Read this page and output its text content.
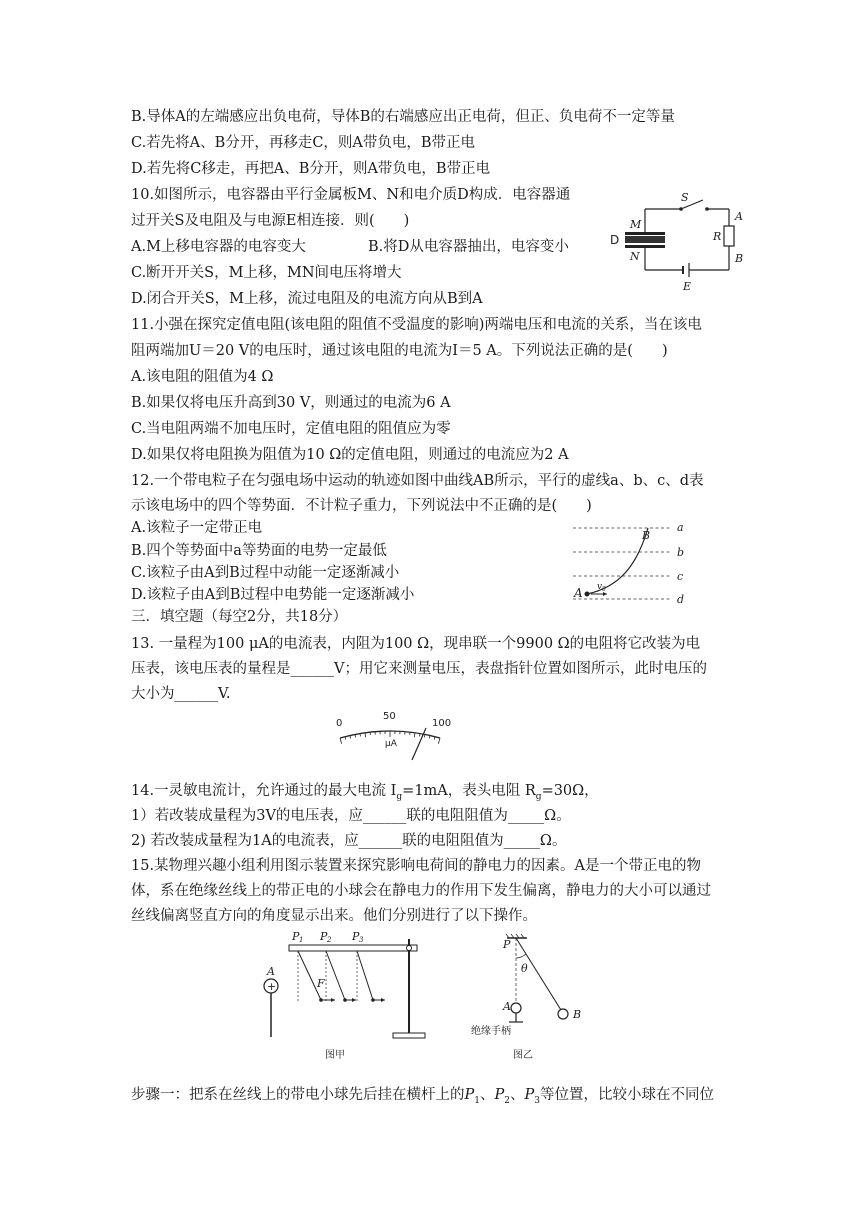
B.导体A的左端感应出负电荷，导体B的右端感应出正电荷，但正、负电荷不一定等量
C.若先将A、B分开，再移走C，则A带负电，B带正电
D.若先将C移走，再把A、B分开，则A带负电，B带正电
10.如图所示，电容器由平行金属板M、N和电介质D构成．电容器通
过开关S及电阻及与电源E相连接．则(　　)
A.M上移电容器的电容变大	B.将D从电容器抽出，电容变小
C.断开开关S，M上移，MN间电压将增大
D.闭合开关S，M上移，流过电阻及的电流方向从B到A
11.小强在探究定值电阻(该电阻的阻值不受温度的影响)两端电压和电流的关系，当在该电
阻两端加U＝20 V的电压时，通过该电阻的电流为I＝5 A。下列说法正确的是(　　)
A.该电阻的阻值为4 Ω
B.如果仅将电压升高到30 V，则通过的电流为6 A
C.当电阻两端不加电压时，定值电阻的阻值应为零
D.如果仅将电阻换为阻值为10 Ω的定值电阻，则通过的电流应为2 A
12.一个带电粒子在匀强电场中运动的轨迹如图中曲线AB所示，平行的虚线a、b、c、d表
示该电场中的四个等势面．不计粒子重力，下列说法中不正确的是(　　)
A.该粒子一定带正电
B.四个等势面中a等势面的电势一定最低
C.该粒子由A到B过程中动能一定逐渐减小
D.该粒子由A到B过程中电势能一定逐渐减小
三．填空题（每空2分，共18分）
13. 一量程为100 μA的电流表，内阻为100 Ω，现串联一个9900 Ω的电阻将它改装为电
压表，该电压表的量程是______V；用它来测量电压，表盘指针位置如图所示，此时电压的
大小为______V.
14.一灵敏电流计，允许通过的最大电流 $I_g=1mA$，表头电阻 $R_g=30\Omega$，
1）若改装成量程为3V的电压表，应______联的电阻阻值为_____Ω。
2) 若改装成量程为1A的电流表，应______联的电阻阻值为_____Ω。
15.某物理兴趣小组利用图示装置来探究影响电荷间的静电力的因素。A是一个带正电的物
体，系在绝缘丝线上的带正电的小球会在静电力的作用下发生偏离，静电力的大小可以通过
丝线偏离竖直方向的角度显示出来。他们分别进行了以下操作。
步骤一：把系在丝线上的带电小球先后挂在横杆上的$P_1$、$P_2$、$P_3$等位置，比较小球在不同位
S
M
N
D
A
R
B
E
a
b
c
d
A
B
v 0
0
50
100
μA
+
P 1 P 2 P 3
A
F
图甲
P
θ
A
B
绝缘手柄
图乙
